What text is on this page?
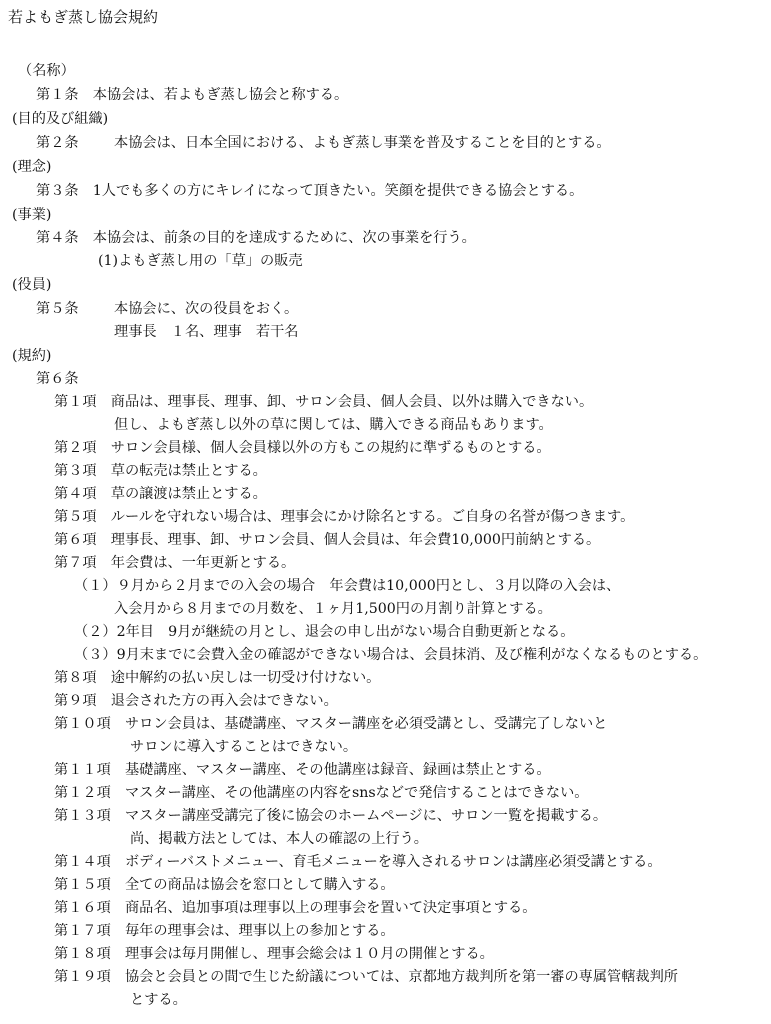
若よもぎ蒸し協会規約
（名称）
第１条　本協会は、若よもぎ蒸し協会と称する。
(目的及び組織)
第２条 本協会は、日本全国における、よもぎ蒸し事業を普及することを目的とする。
(理念)
第３条　1人でも多くの方にキレイになって頂きたい。笑顔を提供できる協会とする。
(事業)
第４条　本協会は、前条の目的を達成するために、次の事業を行う。
(1)よもぎ蒸し用の「草」の販売
(役員)
第５条 本協会に、次の役員をおく。
理事長　１名、理事　若干名
(規約)
第６条
第１項　商品は、理事長、理事、卸、サロン会員、個人会員、以外は購入できない。
但し、よもぎ蒸し以外の草に関しては、購入できる商品もあります。
第２項　サロン会員様、個人会員様以外の方もこの規約に準ずるものとする。
第３項　草の転売は禁止とする。
第４項　草の譲渡は禁止とする。
第５項　ルールを守れない場合は、理事会にかけ除名とする。ご自身の名誉が傷つきます。
第６項　理事長、理事、卸、サロン会員、個人会員は、年会費10,000円前納とする。
第７項　年会費は、一年更新とする。
（１）９月から２月までの入会の場合　年会費は10,000円とし、３月以降の入会は、
入会月から８月までの月数を、１ヶ月1,500円の月割り計算とする。
（２）2年目　9月が継続の月とし、退会の申し出がない場合自動更新となる。
（３）9月末までに会費入金の確認ができない場合は、会員抹消、及び権利がなくなるものとする。
第８項　途中解約の払い戻しは一切受け付けない。
第９項　退会された方の再入会はできない。
第１０項　サロン会員は、基礎講座、マスター講座を必須受講とし、受講完了しないと
サロンに導入することはできない。
第１１項　基礎講座、マスター講座、その他講座は録音、録画は禁止とする。
第１２項　マスター講座、その他講座の内容をsnsなどで発信することはできない。
第１３項　マスター講座受講完了後に協会のホームページに、サロン一覧を掲載する。
尚、掲載方法としては、本人の確認の上行う。
第１４項　ボディーバストメニュー、育毛メニューを導入されるサロンは講座必須受講とする。
第１５項　全ての商品は協会を窓口として購入する。
第１６項　商品名、追加事項は理事以上の理事会を置いて決定事項とする。
第１７項　毎年の理事会は、理事以上の参加とする。
第１８項　理事会は毎月開催し、理事会総会は１０月の開催とする。
第１９項　協会と会員との間で生じた紛議については、京都地方裁判所を第一審の専属管轄裁判所
とする。
